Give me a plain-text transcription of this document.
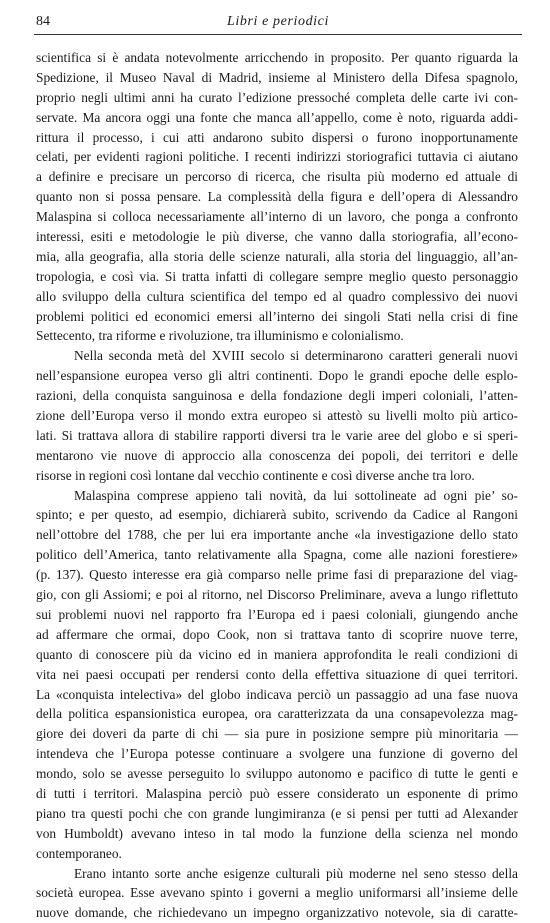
84	Libri e periodici
scientifica si è andata notevolmente arricchendo in proposito. Per quanto riguarda la
Spedizione, il Museo Naval di Madrid, insieme al Ministero della Difesa spagnolo,
proprio negli ultimi anni ha curato l’edizione pressoché completa delle carte ivi con-
servate. Ma ancora oggi una fonte che manca all’appello, come è noto, riguarda addi-
rittura il processo, i cui atti andarono subito dispersi o furono inopportunamente
celati, per evidenti ragioni politiche. I recenti indirizzi storiografici tuttavia ci aiutano
a definire e precisare un percorso di ricerca, che risulta più moderno ed attuale di
quanto non si possa pensare. La complessità della figura e dell’opera di Alessandro
Malaspina si colloca necessariamente all’interno di un lavoro, che ponga a confronto
interessi, esiti e metodologie le più diverse, che vanno dalla storiografia, all’econo-
mia, alla geografia, alla storia delle scienze naturali, alla storia del linguaggio, all’an-
tropologia, e così via. Si tratta infatti di collegare sempre meglio questo personaggio
allo sviluppo della cultura scientifica del tempo ed al quadro complessivo dei nuovi
problemi politici ed economici emersi all’interno dei singoli Stati nella crisi di fine
Settecento, tra riforme e rivoluzione, tra illuminismo e colonialismo.
Nella seconda metà del XVIII secolo si determinarono caratteri generali nuovi
nell’espansione europea verso gli altri continenti. Dopo le grandi epoche delle esplo-
razioni, della conquista sanguinosa e della fondazione degli imperi coloniali, l’atten-
zione dell’Europa verso il mondo extra europeo si attestò su livelli molto più artico-
lati. Si trattava allora di stabilire rapporti diversi tra le varie aree del globo e si speri-
mentarono vie nuove di approccio alla conoscenza dei popoli, dei territori e delle
risorse in regioni così lontane dal vecchio continente e così diverse anche tra loro.
Malaspina comprese appieno tali novità, da lui sottolineate ad ogni pie’ so-
spinto; e per questo, ad esempio, dichiarerà subito, scrivendo da Cadice al Rangoni
nell’ottobre del 1788, che per lui era importante anche «la investigazione dello stato
politico dell’America, tanto relativamente alla Spagna, come alle nazioni forestiere»
(p. 137). Questo interesse era già comparso nelle prime fasi di preparazione del viag-
gio, con gli Assiomi; e poi al ritorno, nel Discorso Preliminare, aveva a lungo riflettuto
sui problemi nuovi nel rapporto fra l’Europa ed i paesi coloniali, giungendo anche
ad affermare che ormai, dopo Cook, non si trattava tanto di scoprire nuove terre,
quanto di conoscere più da vicino ed in maniera approfondita le reali condizioni di
vita nei paesi occupati per rendersi conto della effettiva situazione di quei territori.
La «conquista intelectiva» del globo indicava perciò un passaggio ad una fase nuova
della politica espansionistica europea, ora caratterizzata da una consapevolezza mag-
giore dei doveri da parte di chi — sia pure in posizione sempre più minoritaria —
intendeva che l’Europa potesse continuare a svolgere una funzione di governo del
mondo, solo se avesse perseguito lo sviluppo autonomo e pacifico di tutte le genti e
di tutti i territori. Malaspina perciò può essere considerato un esponente di primo
piano tra questi pochi che con grande lungimiranza (e si pensi per tutti ad Alexander
von Humboldt) avevano inteso in tal modo la funzione della scienza nel mondo
contemporaneo.
Erano intanto sorte anche esigenze culturali più moderne nel seno stesso della
società europea. Esse avevano spinto i governi a meglio uniformarsi all’insieme delle
nuove domande, che richiedevano un impegno organizzativo notevole, sia di caratte-
